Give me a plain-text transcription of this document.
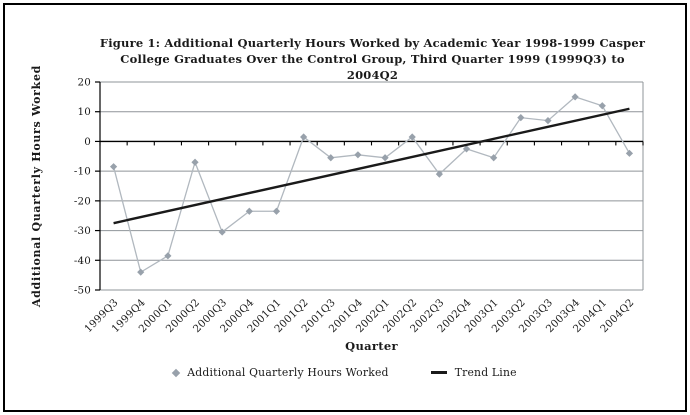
Figure 1: Additional Quarterly Hours Worked by Academic Year 1998-1999 Casper
College Graduates Over the Control Group, Third Quarter 1999 (1999Q3) to 2004Q2
20
10
0
-10
-20
-30
-40
-50
1999Q3
1999Q4
2000Q1
2000Q2
2000Q3
2000Q4
2001Q1
2001Q2
2001Q3
2001Q4
2002Q1
2002Q2
2002Q3
2002Q4
2003Q1
2003Q2
2003Q3
2003Q4
2004Q1
2004Q2
Additional Quarterly Hours Worked
Quarter
Additional Quarterly Hours Worked	Trend Line
